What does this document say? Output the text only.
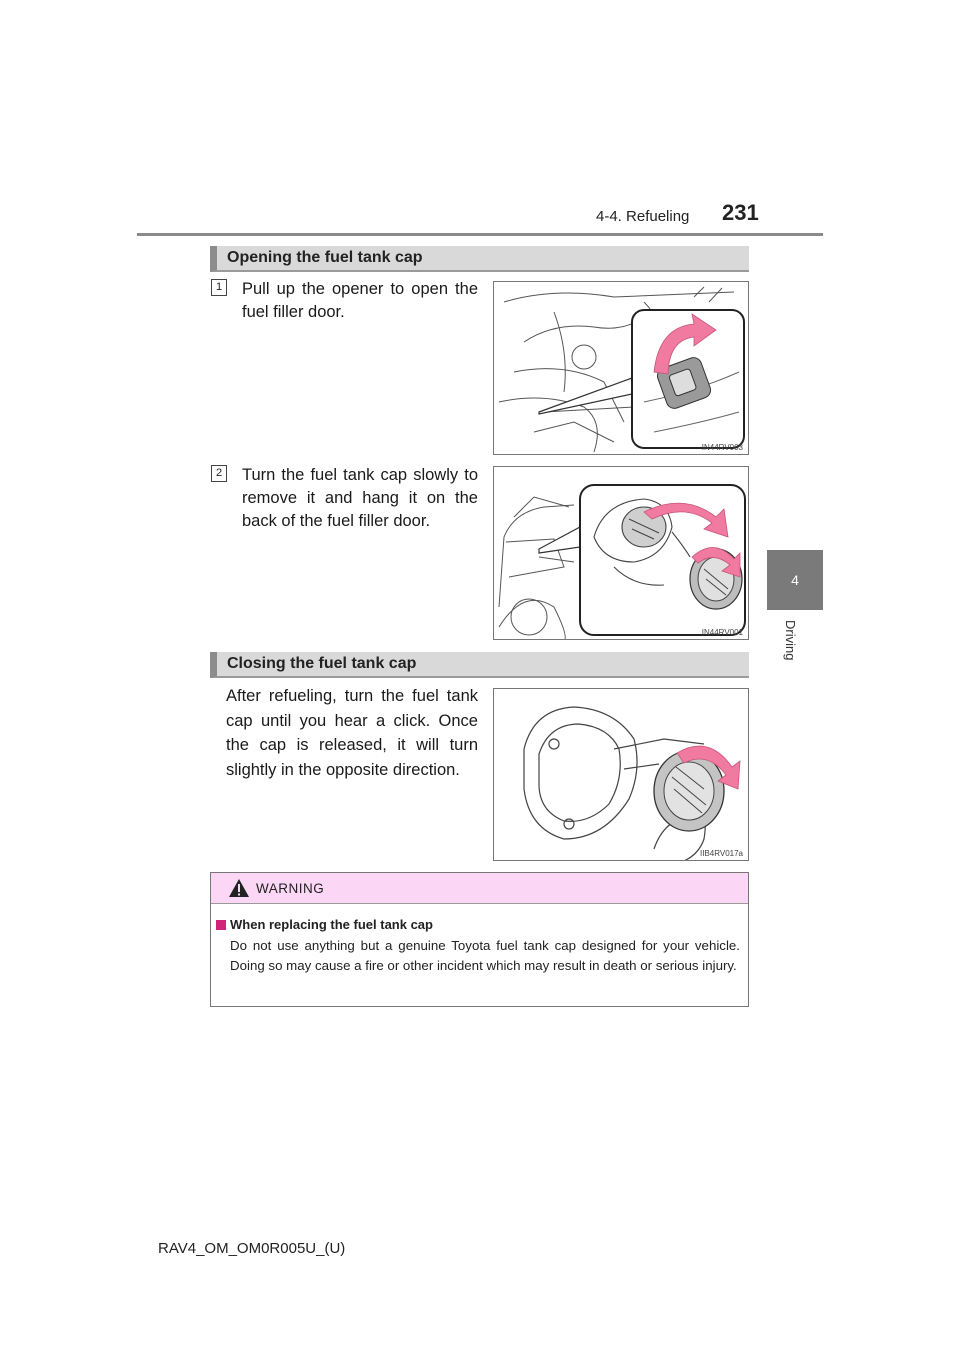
4-4. Refueling 231
4
Driving
Opening the fuel tank cap
1 Pull up the opener to open the fuel filler door.
IN44RV003
2 Turn the fuel tank cap slowly to remove it and hang it on the back of the fuel filler door.
IN44RV001
Closing the fuel tank cap
After refueling, turn the fuel tank cap until you hear a click. Once the cap is released, it will turn slightly in the opposite direction.
IIB4RV017a
WARNING
When replacing the fuel tank cap
Do not use anything but a genuine Toyota fuel tank cap designed for your vehicle. Doing so may cause a fire or other incident which may result in death or serious injury.
RAV4_OM_OM0R005U_(U)
